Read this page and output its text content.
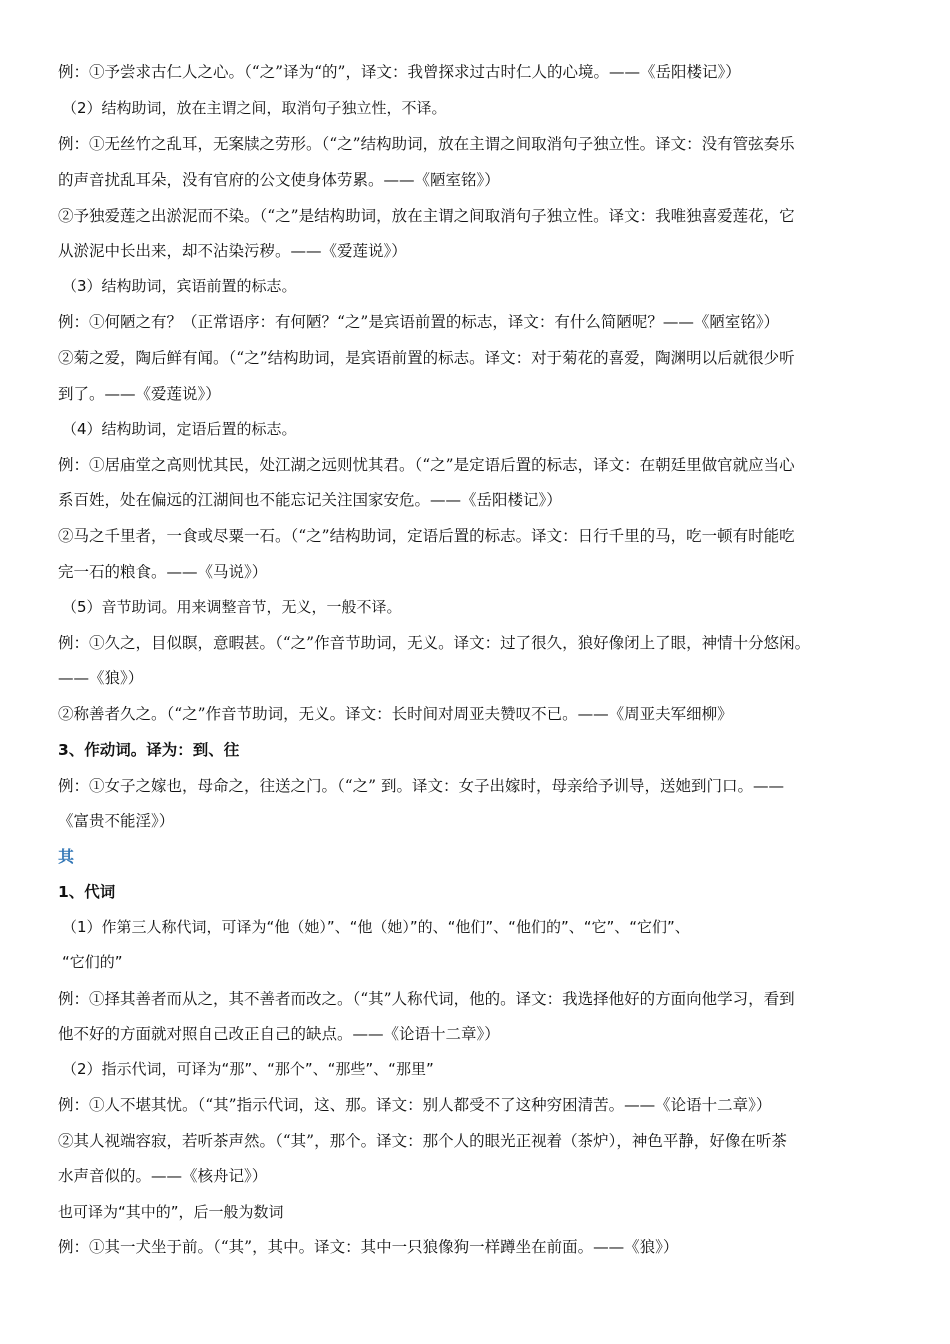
例：①予尝求古仁人之心。（“之”译为“的”，译文：我曾探求过古时仁人的心境。——《岳阳楼记》）
（2）结构助词，放在主谓之间，取消句子独立性，不译。
例：①无丝竹之乱耳，无案牍之劳形。（“之”结构助词，放在主谓之间取消句子独立性。译文：没有管弦奏乐
的声音扰乱耳朵，没有官府的公文使身体劳累。——《陋室铭》）
②予独爱莲之出淤泥而不染。（“之”是结构助词，放在主谓之间取消句子独立性。译文：我唯独喜爱莲花，它
从淤泥中长出来，却不沾染污秽。——《爱莲说》）
（3）结构助词，宾语前置的标志。
例：①何陋之有？（正常语序：有何陋？“之”是宾语前置的标志，译文：有什么简陋呢？——《陋室铭》）
②菊之爱，陶后鲜有闻。（“之”结构助词，是宾语前置的标志。译文：对于菊花的喜爱，陶渊明以后就很少听
到了。——《爱莲说》）
（4）结构助词，定语后置的标志。
例：①居庙堂之高则忧其民，处江湖之远则忧其君。（“之”是定语后置的标志，译文：在朝廷里做官就应当心
系百姓，处在偏远的江湖间也不能忘记关注国家安危。——《岳阳楼记》）
②马之千里者，一食或尽粟一石。（“之”结构助词，定语后置的标志。译文：日行千里的马，吃一顿有时能吃
完一石的粮食。——《马说》）
（5）音节助词。用来调整音节，无义，一般不译。
例：①久之，目似瞑，意暇甚。（“之”作音节助词，无义。译文：过了很久，狼好像闭上了眼，神情十分悠闲。
——《狼》）
②称善者久之。（“之”作音节助词，无义。译文：长时间对周亚夫赞叹不已。——《周亚夫军细柳》
3、作动词。译为：到、往
例：①女子之嫁也，母命之，往送之门。（“之” 到。译文：女子出嫁时，母亲给予训导，送她到门口。——
《富贵不能淫》）
其
1、代词
（1）作第三人称代词，可译为“他（她）”、“他（她）”的、“他们”、“他们的”、“它”、“它们”、
“它们的”
例：①择其善者而从之，其不善者而改之。（“其”人称代词，他的。译文：我选择他好的方面向他学习，看到
他不好的方面就对照自己改正自己的缺点。——《论语十二章》）
（2）指示代词，可译为“那”、“那个”、“那些”、“那里”
例：①人不堪其忧。（“其”指示代词，这、那。译文：别人都受不了这种穷困清苦。——《论语十二章》）
②其人视端容寂，若听茶声然。（“其”，那个。译文：那个人的眼光正视着（茶炉），神色平静，好像在听茶
水声音似的。——《核舟记》）
也可译为“其中的”，后一般为数词
例：①其一犬坐于前。（“其”，其中。译文：其中一只狼像狗一样蹲坐在前面。——《狼》）
